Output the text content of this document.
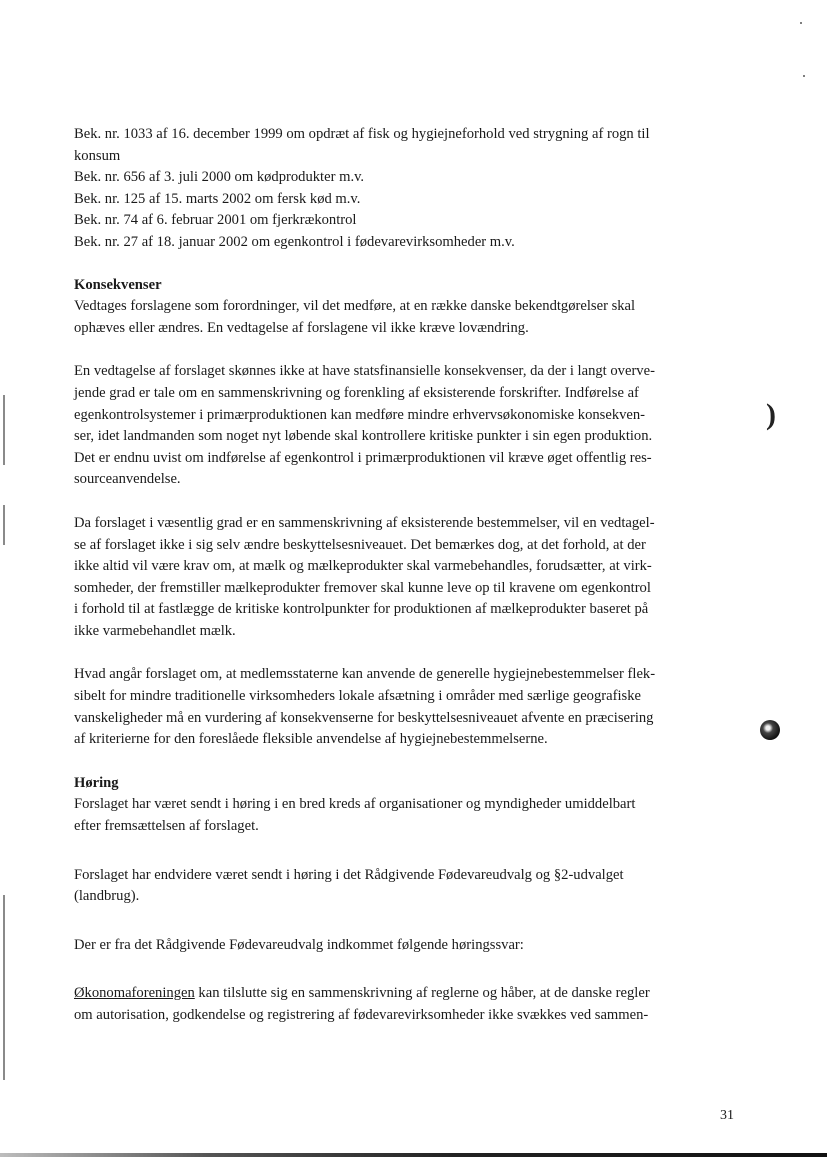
)

Bek. nr. 1033 af 16. december 1999 om opdræt af fisk og hygiejneforhold ved strygning af rogn til

konsum

Bek. nr. 656 af 3. juli 2000 om kødprodukter m.v.

Bek. nr. 125 af 15. marts 2002 om fersk kød m.v.

Bek. nr. 74 af 6. februar 2001 om fjerkrækontrol

Bek. nr. 27 af 18. januar 2002 om egenkontrol i fødevarevirksomheder m.v.

Konsekvenser

Vedtages forslagene som forordninger, vil det medføre, at en række danske bekendtgørelser skal

ophæves eller ændres. En vedtagelse af forslagene vil ikke kræve lovændring.

En vedtagelse af forslaget skønnes ikke at have statsfinansielle konsekvenser, da der i langt overve-

jende grad er tale om en sammenskrivning og forenkling af eksisterende forskrifter. Indførelse af

egenkontrolsystemer i primærproduktionen kan medføre mindre erhvervsøkonomiske konsekven-

ser, idet landmanden som noget nyt løbende skal kontrollere kritiske punkter i sin egen produktion.

Det er endnu uvist om indførelse af egenkontrol i primærproduktionen vil kræve øget offentlig res-

sourceanvendelse.

Da forslaget i væsentlig grad er en sammenskrivning af eksisterende bestemmelser, vil en vedtagel-

se af forslaget ikke i sig selv ændre beskyttelsesniveauet. Det bemærkes dog, at det forhold, at der

ikke altid vil være krav om, at mælk og mælkeprodukter skal varmebehandles, forudsætter, at virk-

somheder, der fremstiller mælkeprodukter fremover skal kunne leve op til kravene om egenkontrol

i forhold til at fastlægge de kritiske kontrolpunkter for produktionen af mælkeprodukter baseret på

ikke varmebehandlet mælk.

Hvad angår forslaget om, at medlemsstaterne kan anvende de generelle hygiejnebestemmelser flek-

sibelt for mindre traditionelle virksomheders lokale afsætning i områder med særlige geografiske

vanskeligheder må en vurdering af konsekvenserne for beskyttelsesniveauet afvente en præcisering

af kriterierne for den foreslåede fleksible anvendelse af hygiejnebestemmelserne.

Høring

Forslaget har været sendt i høring i en bred kreds af organisationer og myndigheder umiddelbart

efter fremsættelsen af forslaget.

Forslaget har endvidere været sendt i høring i det Rådgivende Fødevareudvalg og §2-udvalget

(landbrug).

Der er fra det Rådgivende Fødevareudvalg indkommet følgende høringssvar:

Økonomaforeningen kan tilslutte sig en sammenskrivning af reglerne og håber, at de danske regler

om autorisation, godkendelse og registrering af fødevarevirksomheder ikke svækkes ved sammen-

31
